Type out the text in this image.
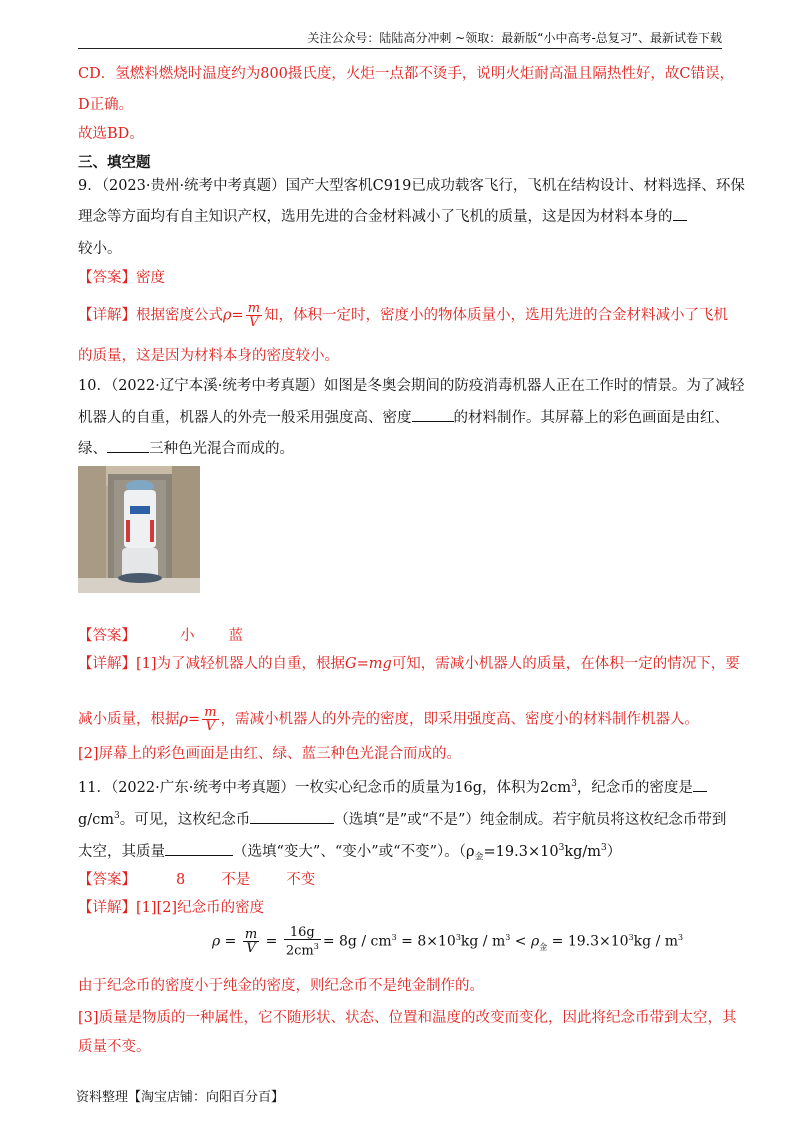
关注公众号：陆陆高分冲刺 ~领取：最新版“小中高考-总复习”、最新试卷下载
CD．氢燃料燃烧时温度约为800摄氏度，火炬一点都不烫手，说明火炬耐高温且隔热性好，故C错误，
D正确。
故选BD。
三、填空题
9．（2023·贵州·统考中考真题）国产大型客机C919已成功载客飞行，飞机在结构设计、材料选择、环保
理念等方面均有自主知识产权，选用先进的合金材料减小了飞机的质量，这是因为材料本身的
较小。
【答案】密度
【详解】根据密度公式$\rho= \frac{m}{V}$ 知，体积一定时，密度小的物体质量小，选用先进的合金材料减小了飞机
的质量，这是因为材料本身的密度较小。
10．（2022·辽宁本溪·统考中考真题）如图是冬奥会期间的防疫消毒机器人正在工作时的情景。为了减轻
机器人的自重，机器人的外壳一般采用强度高、密度	的材料制作。其屏幕上的彩色画面是由红、
绿、	三种色光混合而成的。
【答案】	小 蓝
【详解】[1]为了减轻机器人的自重，根据G=mg可知，需减小机器人的质量，在体积一定的情况下，要
减小质量，根据$\rho= \frac{m}{V}$ ，需减小机器人的外壳的密度，即采用强度高、密度小的材料制作机器人。
[2]屏幕上的彩色画面是由红、绿、蓝三种色光混合而成的。
11．（2022·广东·统考中考真题）一枚实心纪念币的质量为16g，体积为$2cm^3$，纪念币的密度是
$g/cm^3$。可见，这枚纪念币	（选填“是”或“不是”）纯金制成。若宇航员将这枚纪念币带到
太空，其质量	（选填“变大”、“变小”或“不变”）。$(\rho_金=19.3\times 10^3kg/m^3)$
【答案】	8 不是 不变
【详解】[1][2]纪念币的密度
$\rho = \frac{m}{V} = \frac{16g}{2cm^3} = 8g / cm^3 = 8\times 10^3kg / m^3 < \rho_金 = 19.3\times 10^3kg / m^3$
由于纪念币的密度小于纯金的密度，则纪念币不是纯金制作的。
[3]质量是物质的一种属性，它不随形状、状态、位置和温度的改变而变化，因此将纪念币带到太空，其
质量不变。
资料整理【淘宝店铺：向阳百分百】
